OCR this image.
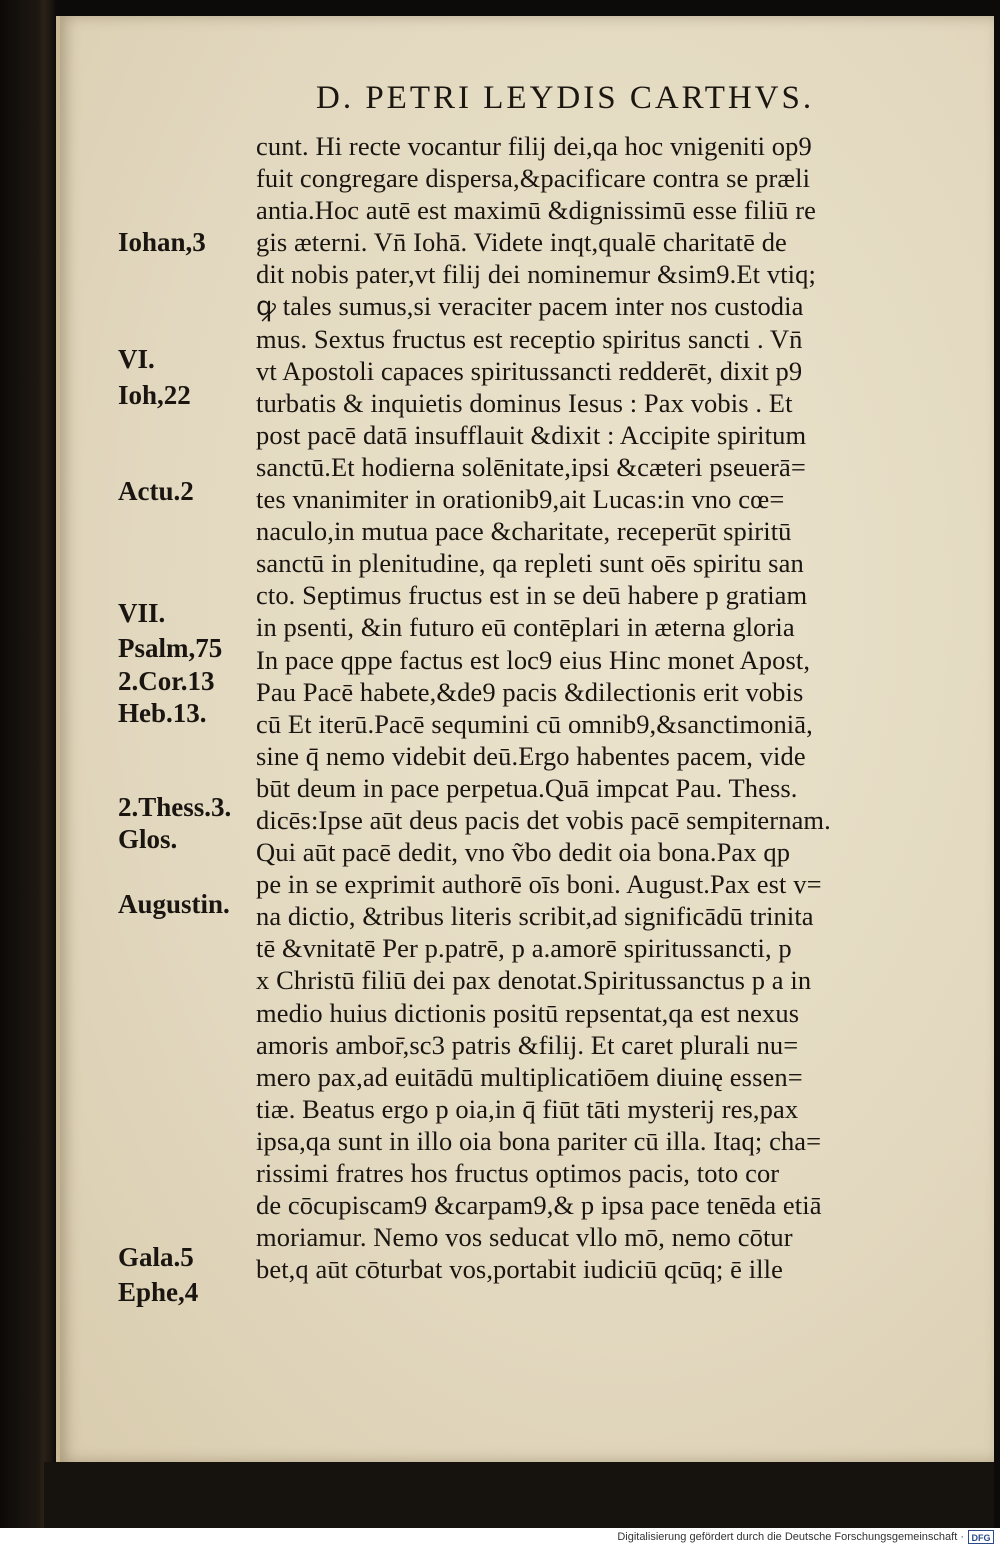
D. PETRI LEYDIS CARTHVS.
cunt. Hi recte vocantur filij dei,qa hoc vnigeniti op9
fuit congregare dispersa,&pacificare contra se præli
antia.Hoc autē est maximū &dignissimū esse filiū re
gis æterni. Vn̄ Iohā. Videte inqt,qualē charitatē de
dit nobis pater,vt filij dei nominemur &sim9.Et vtiq;
ꝙ tales sumus,si veraciter pacem inter nos custodia
mus. Sextus fructus est receptio spiritus sancti . Vn̄
vt Apostoli capaces spiritussancti redderēt, dixit p9
turbatis & inquietis dominus Iesus : Pax vobis . Et
post pacē datā insufflauit &dixit : Accipite spiritum
sanctū.Et hodierna solēnitate,ipsi &cæteri pseuerā=
tes vnanimiter in orationib9,ait Lucas:in vno cœ=
naculo,in mutua pace &charitate, receperūt spiritū
sanctū in plenitudine, qa repleti sunt oēs spiritu san
cto. Septimus fructus est in se deū habere p gratiam
in psenti, &in futuro eū contēplari in æterna gloria
In pace qppe factus est loc9 eius Hinc monet Apost,
Pau Pacē habete,&de9 pacis &dilectionis erit vobis
cū Et iterū.Pacē sequmini cū omnib9,&sanctimoniā,
sine q̄ nemo videbit deū.Ergo habentes pacem, vide
būt deum in pace perpetua.Quā impcat Pau. Thess.
dicēs:Ipse aūt deus pacis det vobis pacē sempiternam.
Qui aūt pacē dedit, vno ṽbo dedit oia bona.Pax qp
pe in se exprimit authorē oīs boni. August.Pax est v=
na dictio, &tribus literis scribit,ad significādū trinita
tē &vnitatē Per p.patrē, p a.amorē spiritussancti, p
x Christū filiū dei pax denotat.Spiritussanctus p a in
medio huius dictionis positū repsentat,qa est nexus
amoris ambor̄,sc3 patris &filij. Et caret plurali nu=
mero pax,ad euitādū multiplicatiōem diuinę essen=
tiæ. Beatus ergo p oia,in q̄ fiūt tāti mysterij res,pax
ipsa,qa sunt in illo oia bona pariter cū illa. Itaq; cha=
rissimi fratres hos fructus optimos pacis, toto cor
de cōcupiscam9 &carpam9,& p ipsa pace tenēda etiā
moriamur. Nemo vos seducat vllo mō, nemo cōtur
bet,q aūt cōturbat vos,portabit iudiciū qcūq; ē ille
Iohan,3
VI.
Ioh,22
Actu.2
VII.
Psalm,75
2.Cor.13
Heb.13.
2.Thess.3.
Glos.
Augustin.
Gala.5
Ephe,4
Digitalisierung gefördert durch die Deutsche Forschungsgemeinschaft · DFG
